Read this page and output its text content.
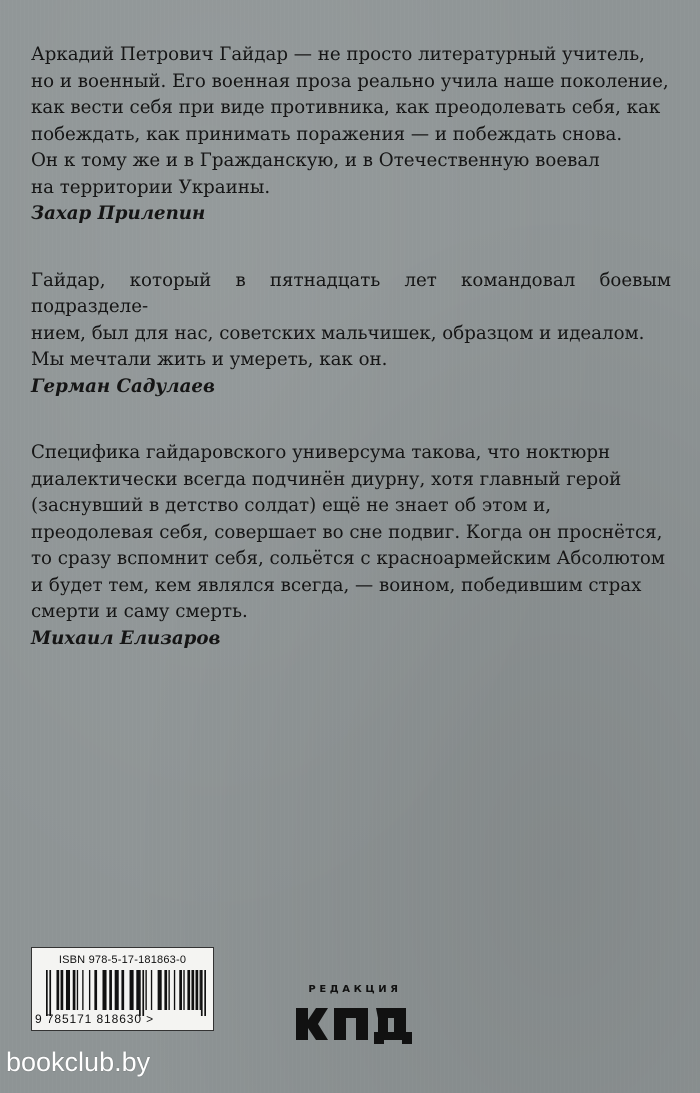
Аркадий Петрович Гайдар — не просто литературный учитель,
но и военный. Его военная проза реально учила наше поколение,
как вести себя при виде противника, как преодолевать себя, как
побеждать, как принимать поражения — и побеждать снова.
Он к тому же и в Гражданскую, и в Отечественную воевал
на территории Украины.

Захар Прилепин

Гайдар, который в пятнадцать лет командовал боевым подразделе-
нием, был для нас, советских мальчишек, образцом и идеалом.
Мы мечтали жить и умереть, как он.

Герман Садулаев

Специфика гайдаровского универсума такова, что ноктюрн
диалектически всегда подчинён диурну, хотя главный герой
(заснувший в детство солдат) ещё не знает об этом и,
преодолевая себя, совершает во сне подвиг. Когда он проснётся,
то сразу вспомнит себя, сольётся с красноармейским Абсолютом
и будет тем, кем являлся всегда, — воином, победившим страх
смерти и саму смерть.

Михаил Елизаров

ISBN 978-5-17-181863-0
9 785171 818630 >
РЕДАКЦИЯ
bookclub.by
